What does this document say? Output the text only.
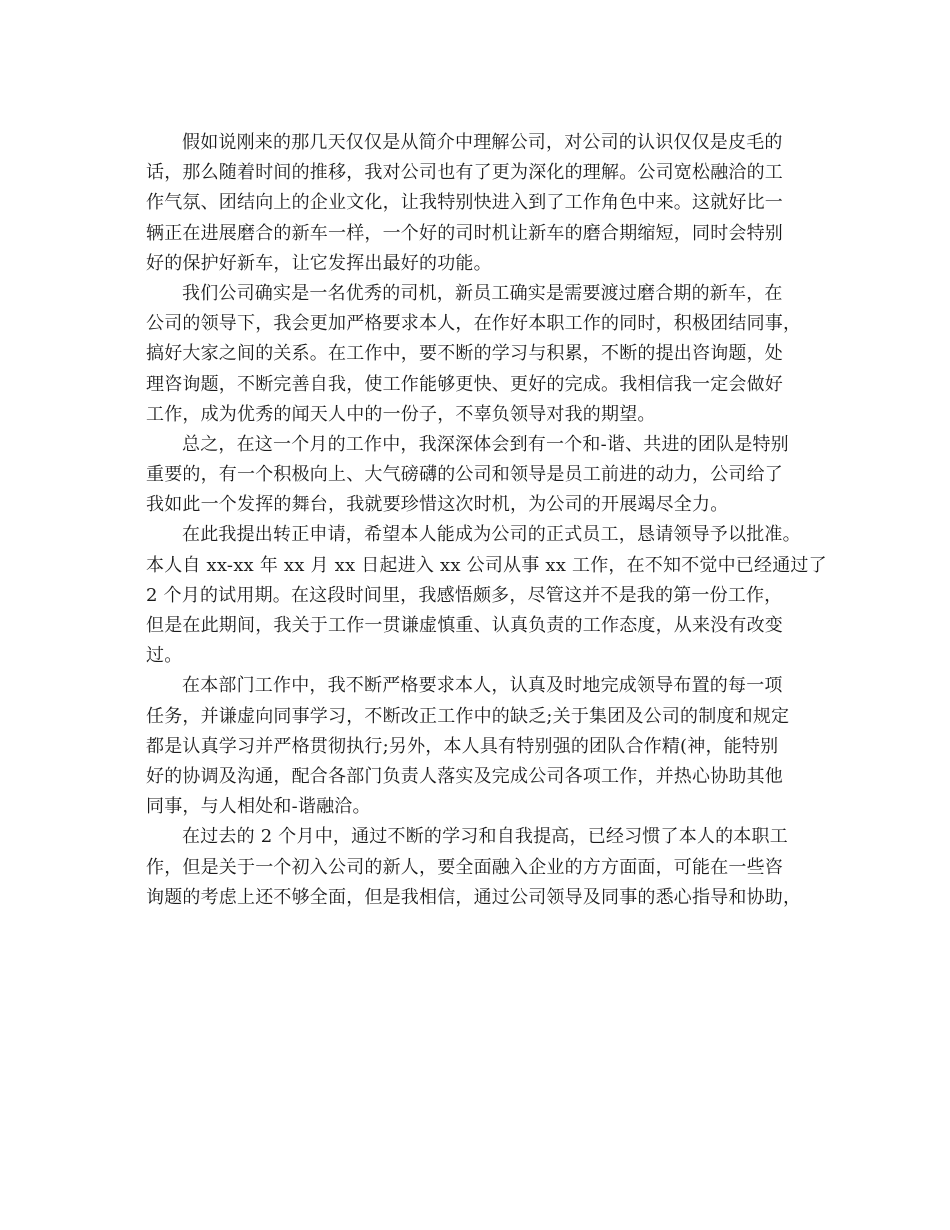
假如说刚来的那几天仅仅是从简介中理解公司，对公司的认识仅仅是皮毛的
话，那么随着时间的推移，我对公司也有了更为深化的理解。公司宽松融洽的工
作气氛、团结向上的企业文化，让我特别快进入到了工作角色中来。这就好比一
辆正在进展磨合的新车一样，一个好的司时机让新车的磨合期缩短，同时会特别
好的保护好新车，让它发挥出最好的功能。
我们公司确实是一名优秀的司机，新员工确实是需要渡过磨合期的新车，在
公司的领导下，我会更加严格要求本人，在作好本职工作的同时，积极团结同事，
搞好大家之间的关系。在工作中，要不断的学习与积累，不断的提出咨询题，处
理咨询题，不断完善自我，使工作能够更快、更好的完成。我相信我一定会做好
工作，成为优秀的闻天人中的一份子，不辜负领导对我的期望。
总之，在这一个月的工作中，我深深体会到有一个和-谐、共进的团队是特别
重要的，有一个积极向上、大气磅礴的公司和领导是员工前进的动力，公司给了
我如此一个发挥的舞台，我就要珍惜这次时机，为公司的开展竭尽全力。
在此我提出转正申请，希望本人能成为公司的正式员工，恳请领导予以批准。
本人自 xx-xx 年 xx 月 xx 日起进入 xx 公司从事 xx 工作，在不知不觉中已经通过了
2 个月的试用期。在这段时间里，我感悟颇多，尽管这并不是我的第一份工作，
但是在此期间，我关于工作一贯谦虚慎重、认真负责的工作态度，从来没有改变
过。
在本部门工作中，我不断严格要求本人，认真及时地完成领导布置的每一项
任务，并谦虚向同事学习，不断改正工作中的缺乏;关于集团及公司的制度和规定
都是认真学习并严格贯彻执行;另外，本人具有特别强的团队合作精(神，能特别
好的协调及沟通，配合各部门负责人落实及完成公司各项工作，并热心协助其他
同事，与人相处和-谐融洽。
在过去的 2 个月中，通过不断的学习和自我提高，已经习惯了本人的本职工
作，但是关于一个初入公司的新人，要全面融入企业的方方面面，可能在一些咨
询题的考虑上还不够全面，但是我相信，通过公司领导及同事的悉心指导和协助，
